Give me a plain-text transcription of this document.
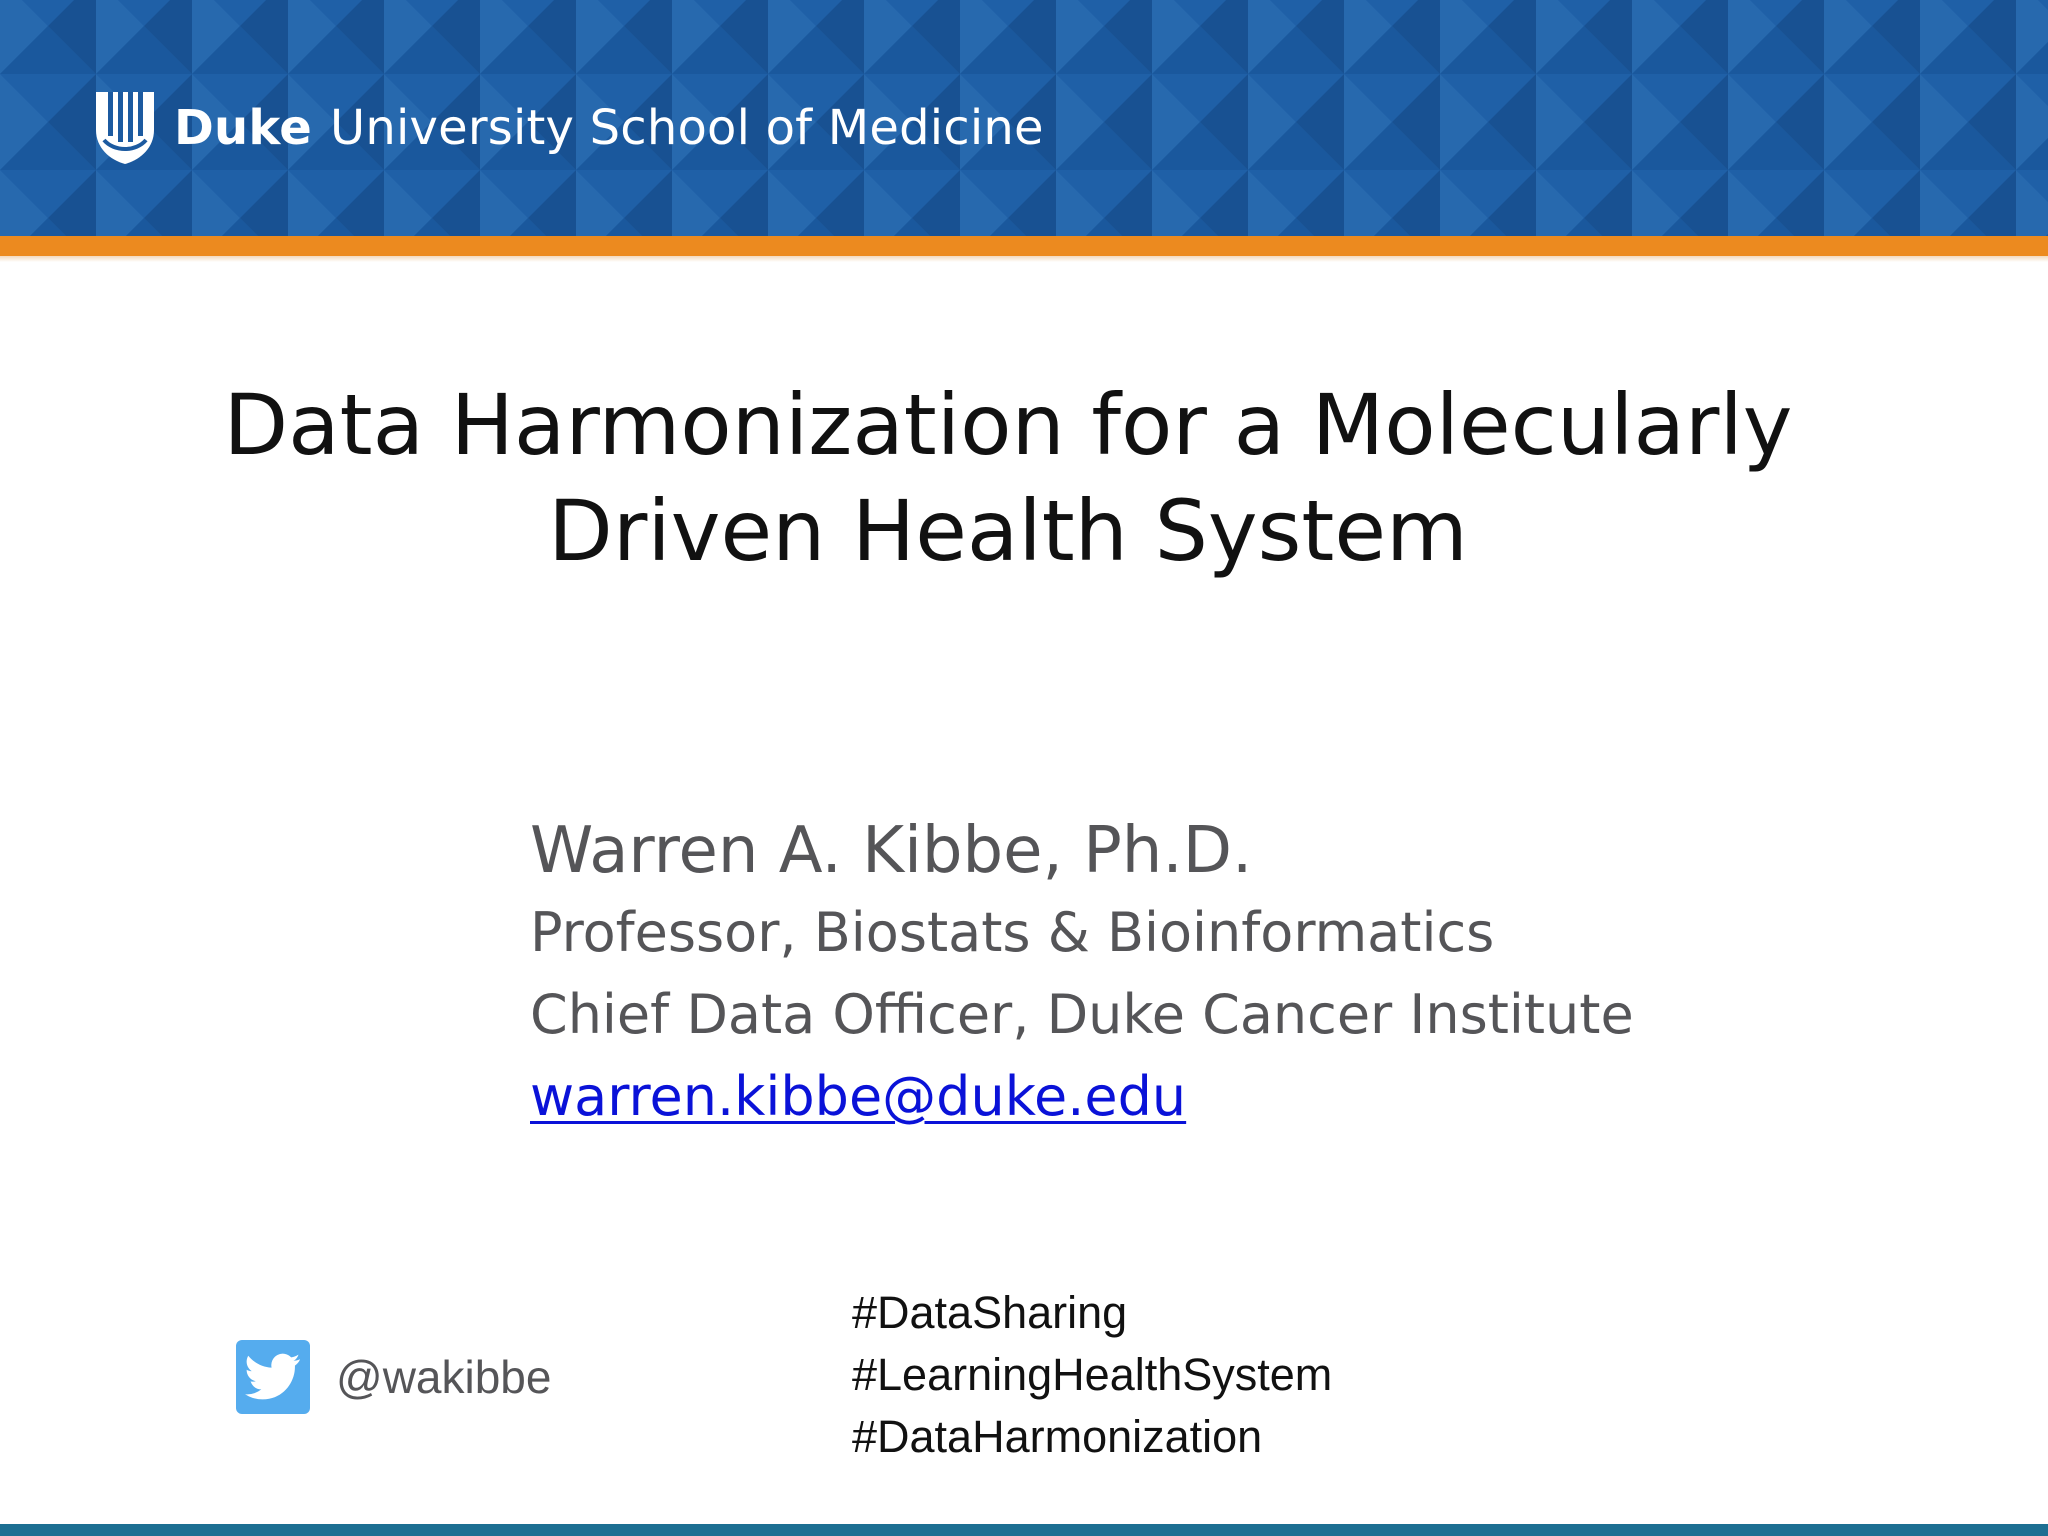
Duke University School of Medicine
Data Harmonization for a Molecularly
Driven Health System
Warren A. Kibbe, Ph.D.
Professor, Biostats & Bioinformatics
Chief Data Officer, Duke Cancer Institute
warren.kibbe@duke.edu
@wakibbe
#DataSharing
#LearningHealthSystem
#DataHarmonization
